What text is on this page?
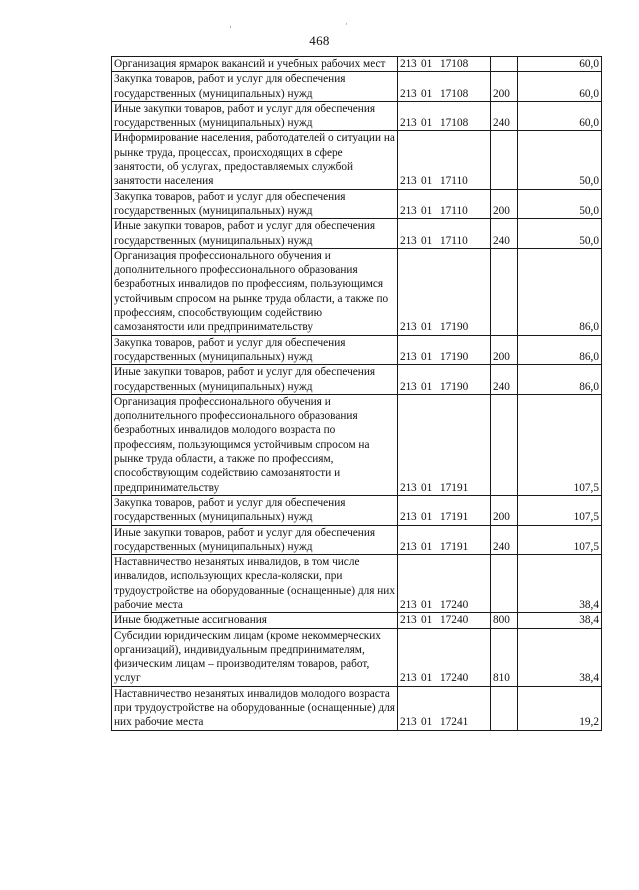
468
·	·
Организация ярмарок вакансий и учебных рабочих мест	213 01 17108		60,0
Закупка товаров, работ и услуг для обеспечения государственных (муниципальных) нужд	213 01 17108	200	60,0
Иные закупки товаров, работ и услуг для обеспечения государственных (муниципальных) нужд	213 01 17108	240	60,0
Информирование населения, работодателей о ситуации на рынке труда, процессах, происходящих в сфере занятости, об услугах, предоставляемых службой занятости населения	213 01 17110		50,0
Закупка товаров, работ и услуг для обеспечения государственных (муниципальных) нужд	213 01 17110	200	50,0
Иные закупки товаров, работ и услуг для обеспечения государственных (муниципальных) нужд	213 01 17110	240	50,0
Организация профессионального обучения и дополнительного профессионального образования безработных инвалидов по профессиям, пользующимся устойчивым спросом на рынке труда области, а также по профессиям, способствующим содействию самозанятости или предпринимательству	213 01 17190		86,0
Закупка товаров, работ и услуг для обеспечения государственных (муниципальных) нужд	213 01 17190	200	86,0
Иные закупки товаров, работ и услуг для обеспечения государственных (муниципальных) нужд	213 01 17190	240	86,0
Организация профессионального обучения и дополнительного профессионального образования безработных инвалидов молодого возраста по профессиям, пользующимся устойчивым спросом на рынке труда области, а также по профессиям, способствующим содействию самозанятости и предпринимательству	213 01 17191		107,5
Закупка товаров, работ и услуг для обеспечения государственных (муниципальных) нужд	213 01 17191	200	107,5
Иные закупки товаров, работ и услуг для обеспечения государственных (муниципальных) нужд	213 01 17191	240	107,5
Наставничество незанятых инвалидов, в том числе инвалидов, использующих кресла-коляски, при трудоустройстве на оборудованные (оснащенные) для них рабочие места	213 01 17240		38,4
Иные бюджетные ассигнования	213 01 17240	800	38,4
Субсидии юридическим лицам (кроме некоммерческих организаций), индивидуальным предпринимателям, физическим лицам – производителям товаров, работ, услуг	213 01 17240	810	38,4
Наставничество незанятых инвалидов молодого возраста при трудоустройстве на оборудованные (оснащенные) для них рабочие места	213 01 17241		19,2
